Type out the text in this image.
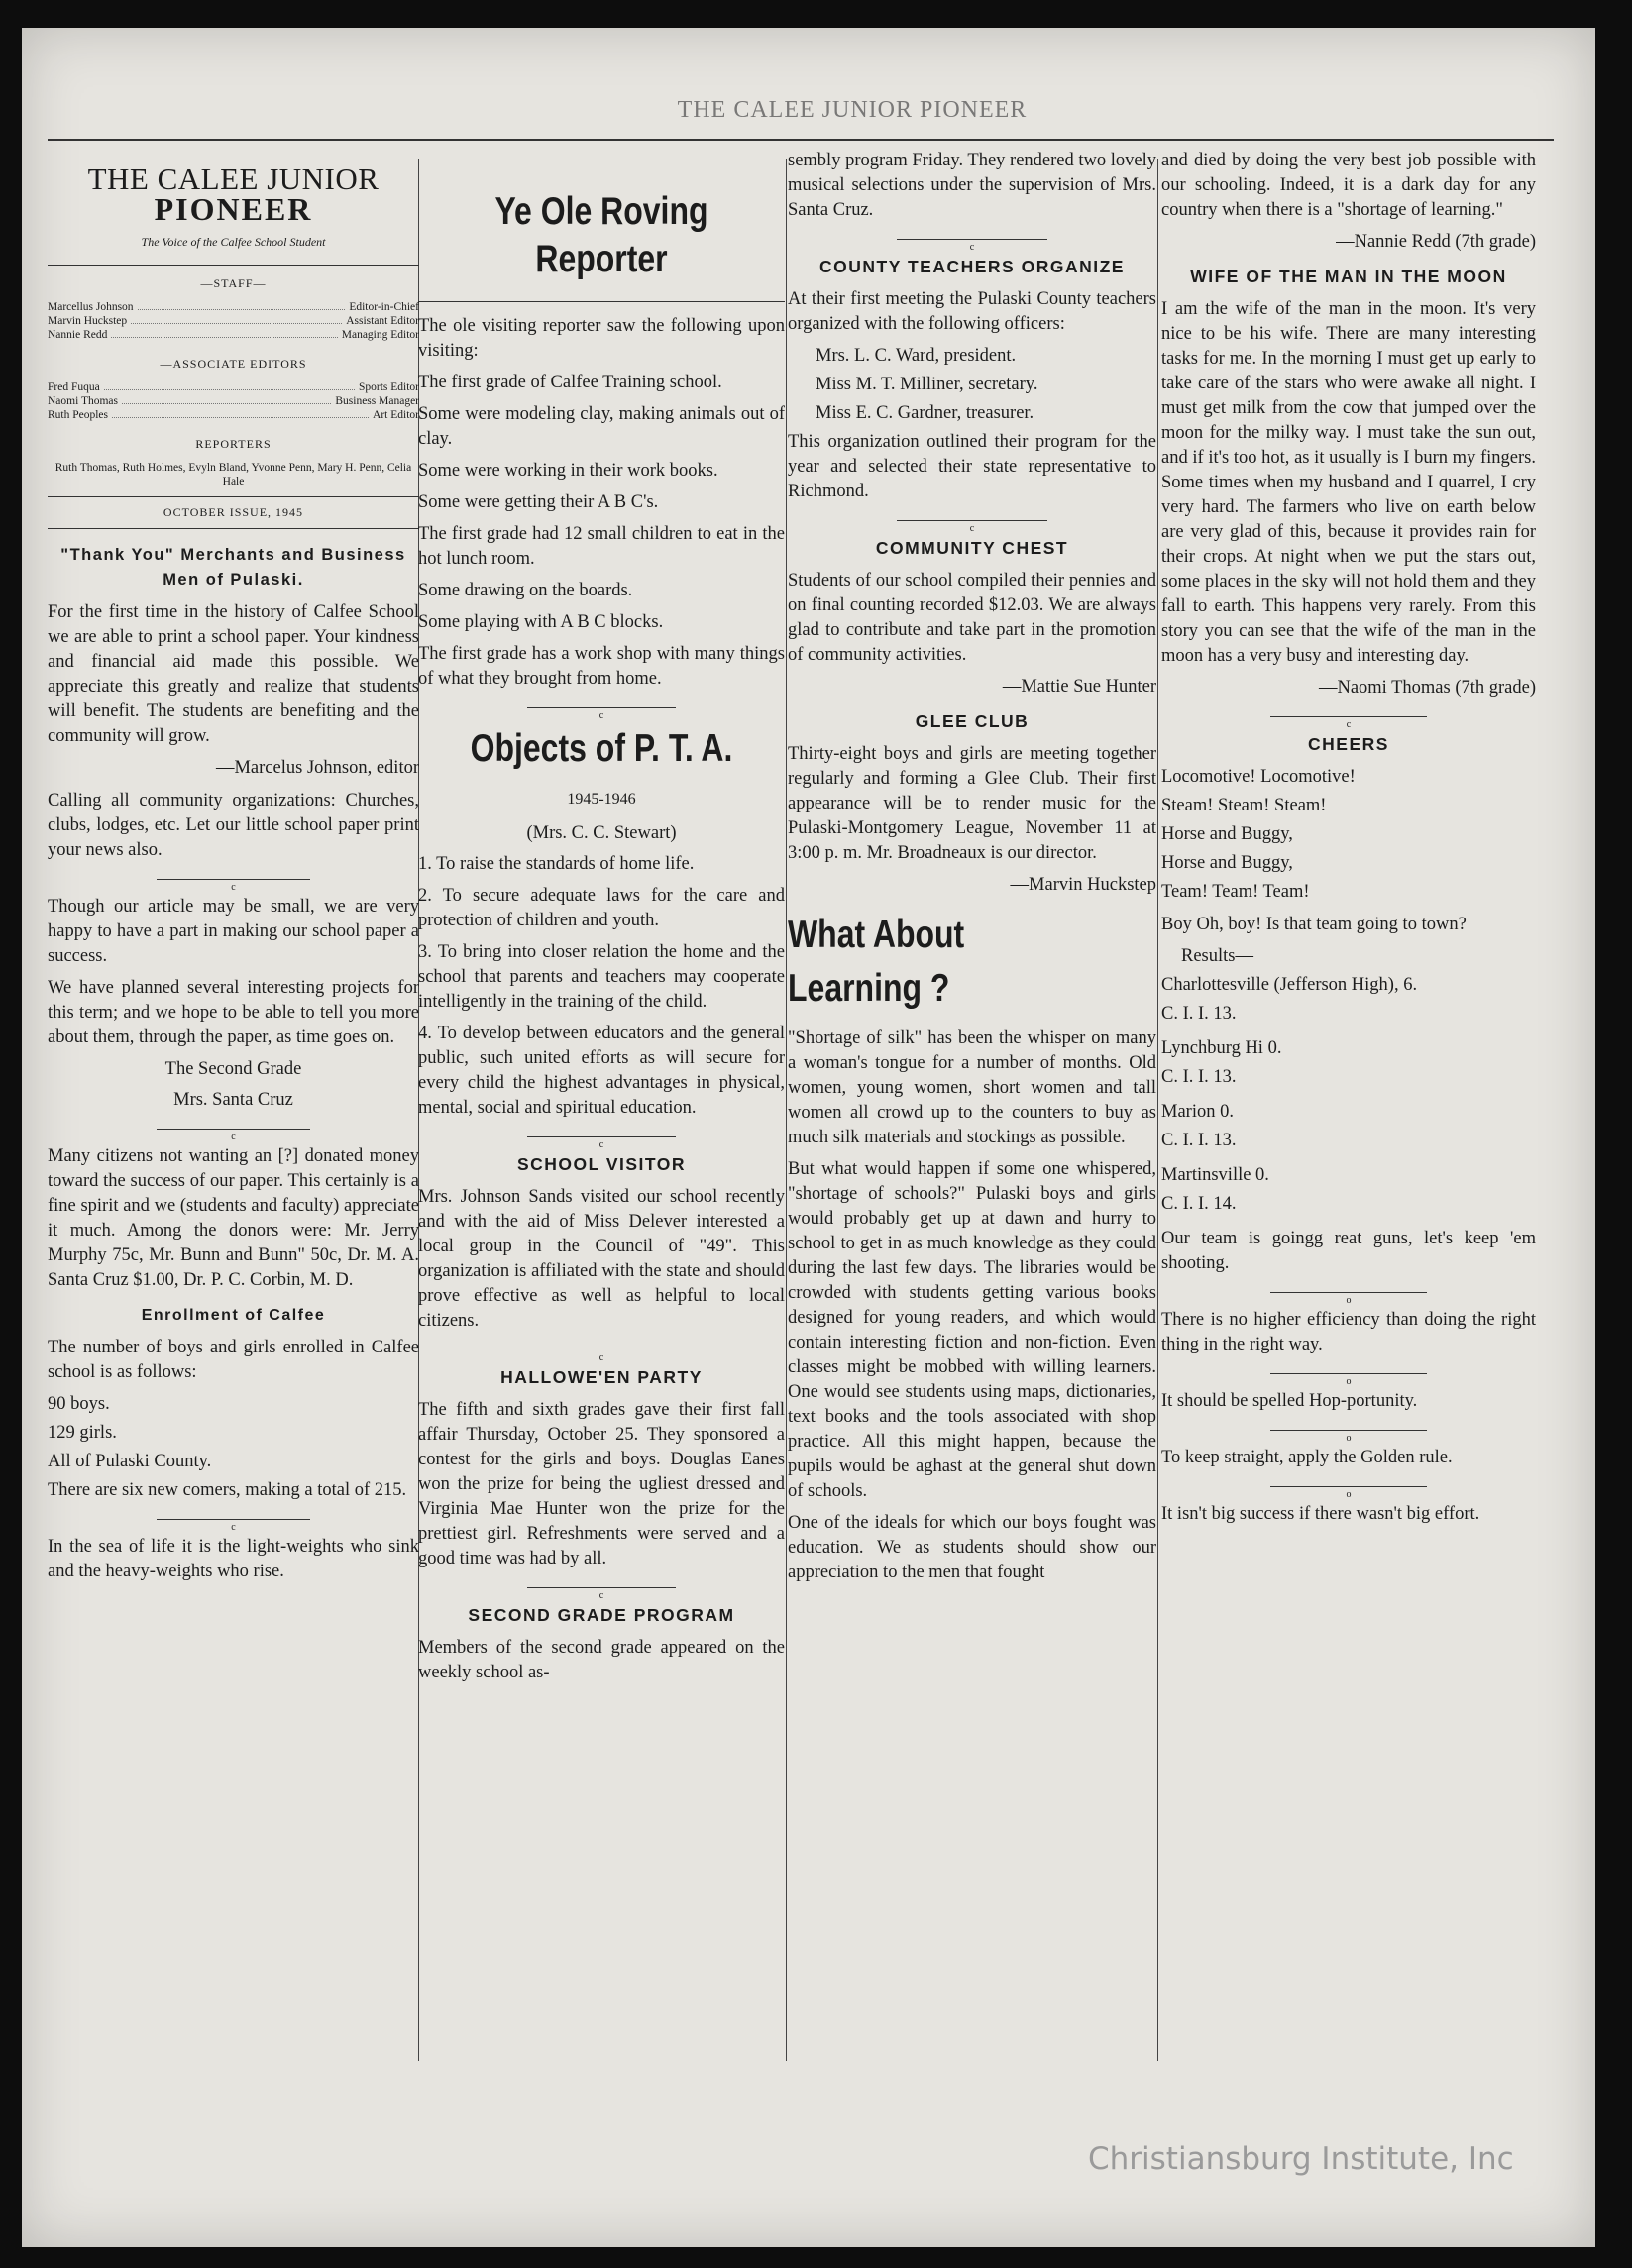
THE CALEE JUNIOR PIONEER
THE CALEE JUNIOR
PIONEER
The Voice of the Calfee School Student
—STAFF—
Marcellus Johnson	Editor-in-Chief
Marvin Huckstep	Assistant Editor
Nannie Redd	Managing Editor
—ASSOCIATE EDITORS
Fred Fuqua	Sports Editor
Naomi Thomas	Business Manager
Ruth Peoples	Art Editor
REPORTERS
Ruth Thomas, Ruth Holmes, Evyln Bland, Yvonne Penn, Mary H. Penn, Celia Hale
OCTOBER ISSUE, 1945
"Thank You" Merchants and Business Men of Pulaski.

For the first time in the history of Calfee School we are able to print a school paper. Your kindness and financial aid made this possible. We appreciate this greatly and realize that students will benefit. The students are benefiting and the community will grow.

—Marcelus Johnson, editor

Calling all community organizations: Churches, clubs, lodges, etc. Let our little school paper print your news also.

c

Though our article may be small, we are very happy to have a part in making our school paper a success.

We have planned several interesting projects for this term; and we hope to be able to tell you more about them, through the paper, as time goes on.

The Second Grade
Mrs. Santa Cruz
c

Many citizens not wanting an [?] donated money toward the success of our paper. This certainly is a fine spirit and we (students and faculty) appreciate it much. Among the donors were: Mr. Jerry Murphy 75c, Mr. Bunn and Bunn" 50c, Dr. M. A. Santa Cruz $1.00, Dr. P. C. Corbin, M. D.

Enrollment of Calfee

The number of boys and girls enrolled in Calfee school is as follows:

90 boys.
129 girls.
All of Pulaski County.

There are six new comers, making a total of 215.

c

In the sea of life it is the light-weights who sink and the heavy-weights who rise.

Ye Ole Roving Reporter

The ole visiting reporter saw the following upon visiting:

The first grade of Calfee Training school.

Some were modeling clay, making animals out of clay.

Some were working in their work books.

Some were getting their A B C's.

The first grade had 12 small children to eat in the hot lunch room.

Some drawing on the boards.

Some playing with A B C blocks.

The first grade has a work shop with many things of what they brought from home.

c
Objects of P. T. A.
1945-1946
(Mrs. C. C. Stewart)

1. To raise the standards of home life.

2. To secure adequate laws for the care and protection of children and youth.

3. To bring into closer relation the home and the school that parents and teachers may cooperate intelligently in the training of the child.

4. To develop between educators and the general public, such united efforts as will secure for every child the highest advantages in physical, mental, social and spiritual education.

c
SCHOOL VISITOR

Mrs. Johnson Sands visited our school recently and with the aid of Miss Delever interested a local group in the Council of "49". This organization is affiliated with the state and should prove effective as well as helpful to local citizens.

c
HALLOWE'EN PARTY

The fifth and sixth grades gave their first fall affair Thursday, October 25. They sponsored a contest for the girls and boys. Douglas Eanes won the prize for being the ugliest dressed and Virginia Mae Hunter won the prize for the prettiest girl. Refreshments were served and a good time was had by all.

c
SECOND GRADE PROGRAM

Members of the second grade appeared on the weekly school as-

sembly program Friday. They rendered two lovely musical selections under the supervision of Mrs. Santa Cruz.

c
COUNTY TEACHERS ORGANIZE

At their first meeting the Pulaski County teachers organized with the following officers:

Mrs. L. C. Ward, president.
Miss M. T. Milliner, secretary.
Miss E. C. Gardner, treasurer.

This organization outlined their program for the year and selected their state representative to Richmond.

c
COMMUNITY CHEST

Students of our school compiled their pennies and on final counting recorded $12.03. We are always glad to contribute and take part in the promotion of community activities.

—Mattie Sue Hunter
GLEE CLUB

Thirty-eight boys and girls are meeting together regularly and forming a Glee Club. Their first appearance will be to render music for the Pulaski-Montgomery League, November 11 at 3:00 p. m. Mr. Broadneaux is our director.

—Marvin Huckstep
What About
Learning ?

"Shortage of silk" has been the whisper on many a woman's tongue for a number of months. Old women, young women, short women and tall women all crowd up to the counters to buy as much silk materials and stockings as possible.

But what would happen if some one whispered, "shortage of schools?" Pulaski boys and girls would probably get up at dawn and hurry to school to get in as much knowledge as they could during the last few days. The libraries would be crowded with students getting various books designed for young readers, and which would contain interesting fiction and non-fiction. Even classes might be mobbed with willing learners. One would see students using maps, dictionaries, text books and the tools associated with shop practice. All this might happen, because the pupils would be aghast at the general shut down of schools.

One of the ideals for which our boys fought was education. We as students should show our appreciation to the men that fought

and died by doing the very best job possible with our schooling. Indeed, it is a dark day for any country when there is a "shortage of learning."

—Nannie Redd (7th grade)
WIFE OF THE MAN IN THE MOON

I am the wife of the man in the moon. It's very nice to be his wife. There are many interesting tasks for me. In the morning I must get up early to take care of the stars who were awake all night. I must get milk from the cow that jumped over the moon for the milky way. I must take the sun out, and if it's too hot, as it usually is I burn my fingers. Some times when my husband and I quarrel, I cry very hard. The farmers who live on earth below are very glad of this, because it provides rain for their crops. At night when we put the stars out, some places in the sky will not hold them and they fall to earth. This happens very rarely. From this story you can see that the wife of the man in the moon has a very busy and interesting day.

—Naomi Thomas (7th grade)
c
CHEERS
Locomotive! Locomotive!
Steam! Steam! Steam!
Horse and Buggy,
Horse and Buggy,
Team! Team! Team!

Boy Oh, boy! Is that team going to town?

Results—
Charlottesville (Jefferson High), 6.
C. I. I. 13.
Lynchburg Hi 0.
C. I. I. 13.
Marion 0.
C. I. I. 13.
Martinsville 0.
C. I. I. 14.

Our team is goingg reat guns, let's keep 'em shooting.

o

There is no higher efficiency than doing the right thing in the right way.

o

It should be spelled Hop-portunity.

o

To keep straight, apply the Golden rule.

o

It isn't big success if there wasn't big effort.

Christiansburg Institute, Inc
